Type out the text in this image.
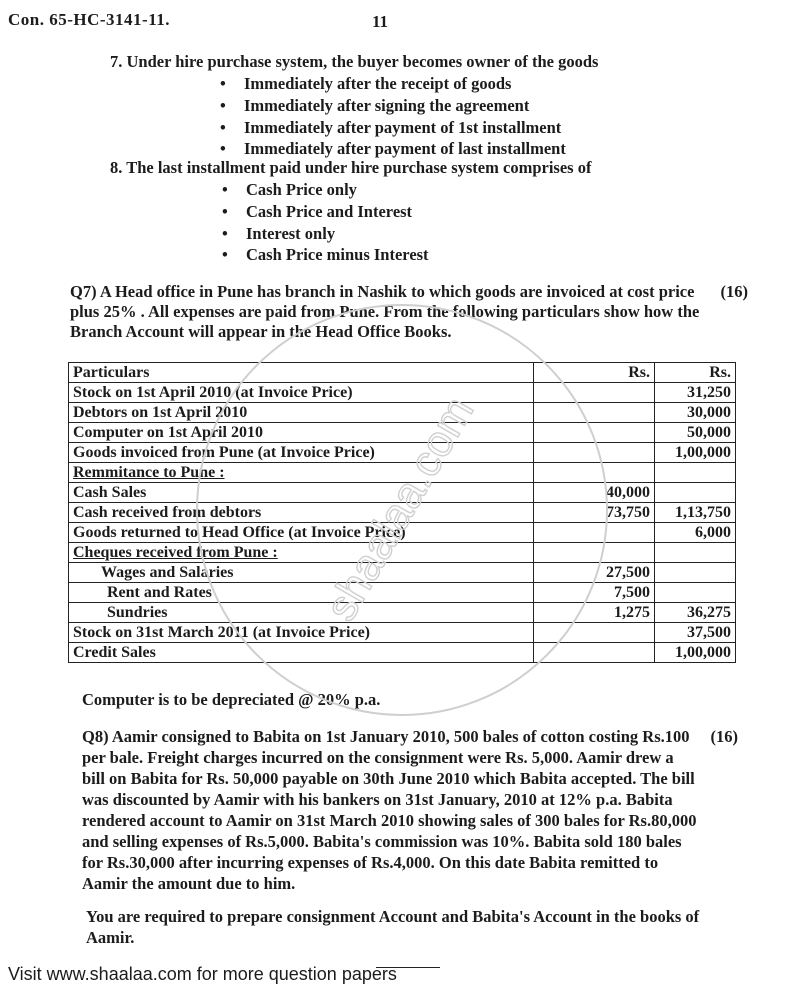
Con. 65-HC-3141-11.	11
7. Under hire purchase system, the buyer becomes owner of the goods
• Immediately after the receipt of goods
• Immediately after signing the agreement
• Immediately after payment of 1st installment
• Immediately after payment of last installment
8. The last installment paid under hire purchase system comprises of
• Cash Price only
• Cash Price and Interest
• Interest only
• Cash Price minus Interest
Q7) A Head office in Pune has branch in Nashik to which goods are invoiced at cost price plus 25% . All expenses are paid from Pune. From the following particulars show how the Branch Account will appear in the Head Office Books.
(16)
Particulars	Rs.	Rs.
Stock on 1st April 2010 (at Invoice Price)		31,250
Debtors on 1st April 2010		30,000
Computer on 1st April 2010		50,000
Goods invoiced from Pune (at Invoice Price)		1,00,000
Remmitance to Pune :		
Cash Sales	40,000	
Cash received from debtors	73,750	1,13,750
Goods returned to Head Office (at Invoice Price)		6,000
Cheques received from Pune :		
Wages and Salaries	27,500	
Rent and Rates	7,500	
Sundries	1,275	36,275
Stock on 31st March 2011 (at Invoice Price)		37,500
Credit Sales		1,00,000
Computer is to be depreciated @ 20% p.a.
Q8) Aamir consigned to Babita on 1st January 2010, 500 bales of cotton costing Rs.100 per bale. Freight charges incurred on the consignment were Rs. 5,000. Aamir drew a bill on Babita for Rs. 50,000 payable on 30th June 2010 which Babita accepted. The bill was discounted by Aamir with his bankers on 31st January, 2010 at 12% p.a. Babita rendered account to Aamir on 31st March 2010 showing sales of 300 bales for Rs.80,000 and selling expenses of Rs.5,000. Babita's commission was 10%. Babita sold 180 bales for Rs.30,000 after incurring expenses of Rs.4,000. On this date Babita remitted to Aamir the amount due to him.
(16)
You are required to prepare consignment Account and Babita's Account in the books of Aamir.
shaalaa.com
Visit www.shaalaa.com for more question papers
